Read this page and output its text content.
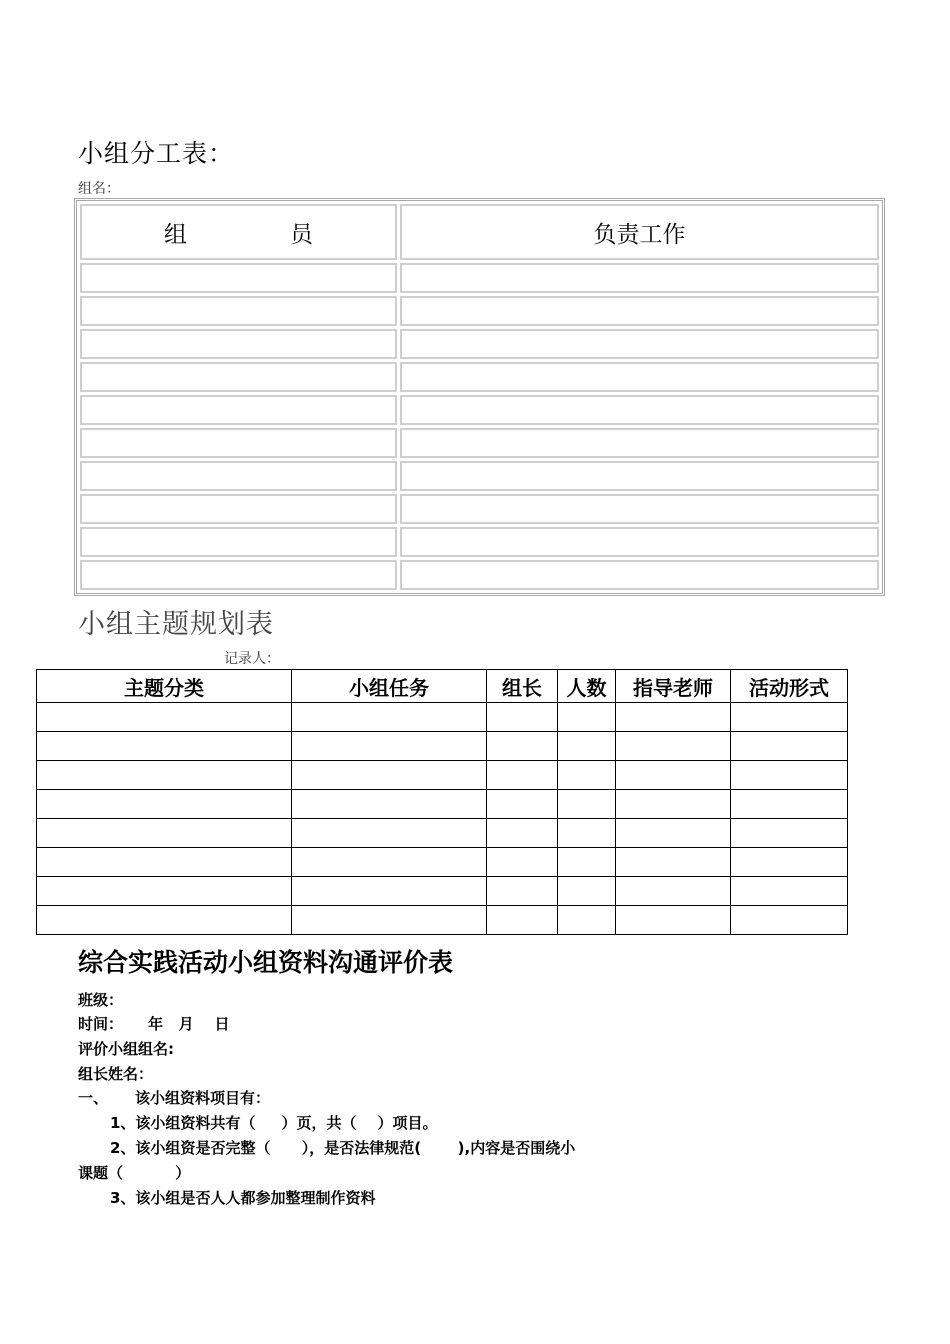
小组分工表：
组名：
组 员	负责工作

小组主题规划表
记录人：
主题分类	小组任务	组长	人数	指导老师	活动形式

综合实践活动小组资料沟通评价表
班级：
时间： 年   月    日
评价小组组名:
组长姓名：
一、 该小组资料项目有：
1、该小组资料共有（     ）页，共（    ）项目。
2、该小组资是否完整（      ），是否法律规范(       ),内容是否围绕小
课题（          ）
3、该小组是否人人都参加整理制作资料
